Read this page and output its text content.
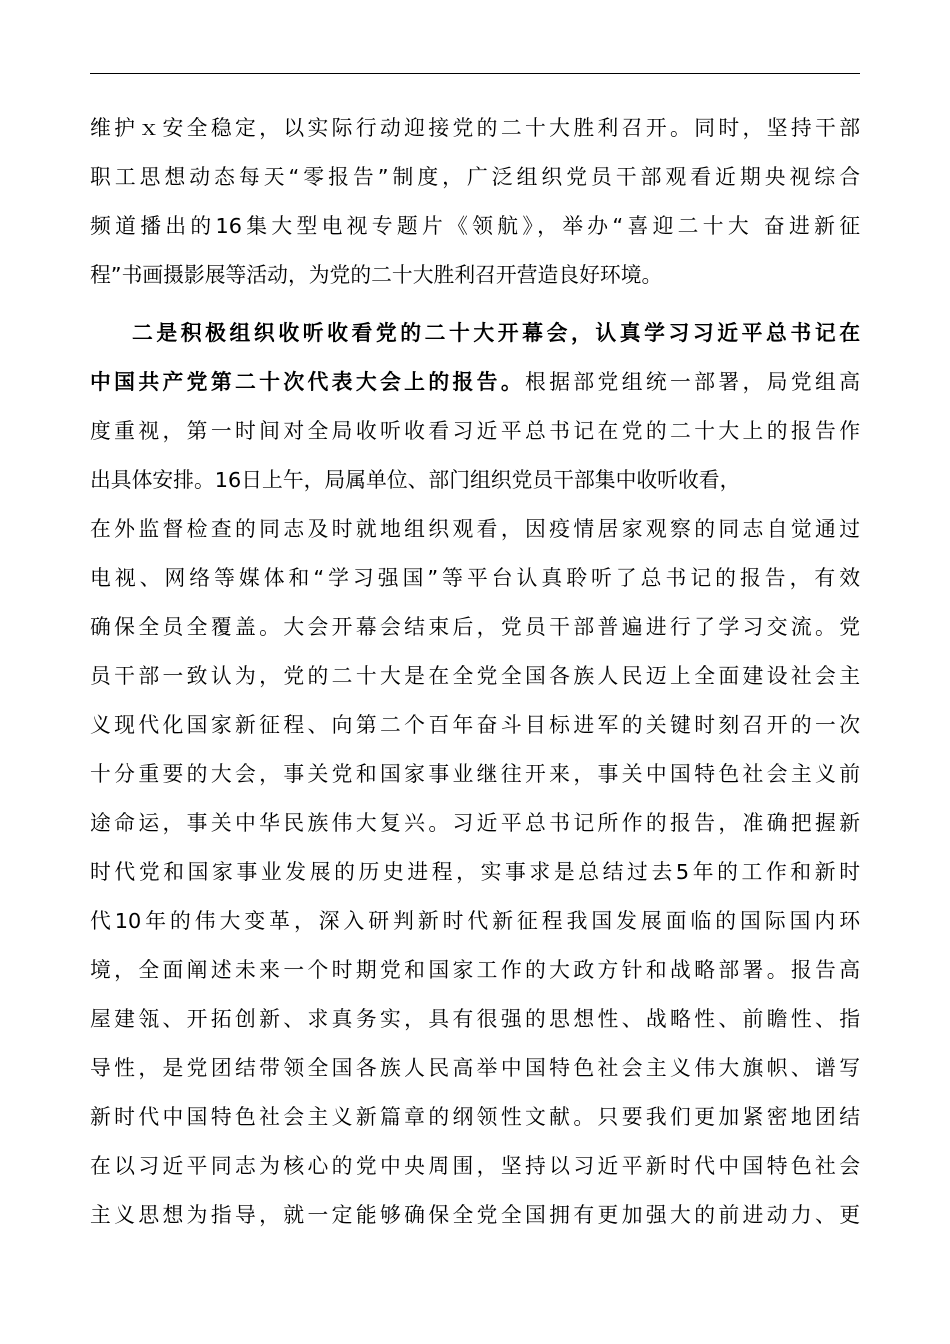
维护ｘ安全稳定，以实际行动迎接党的二十大胜利召开。同时，坚持干部
职工思想动态每天“零报告”制度，广泛组织党员干部观看近期央视综合
频道播出的16集大型电视专题片《领航》，举办“喜迎二十大 奋进新征
程”书画摄影展等活动，为党的二十大胜利召开营造良好环境。
二是积极组织收听收看党的二十大开幕会，认真学习习近平总书记在
中国共产党第二十次代表大会上的报告。根据部党组统一部署，局党组高
度重视，第一时间对全局收听收看习近平总书记在党的二十大上的报告作
出具体安排。16日上午，局属单位、部门组织党员干部集中收听收看，
在外监督检查的同志及时就地组织观看，因疫情居家观察的同志自觉通过
电视、网络等媒体和“学习强国”等平台认真聆听了总书记的报告，有效
确保全员全覆盖。大会开幕会结束后，党员干部普遍进行了学习交流。党
员干部一致认为，党的二十大是在全党全国各族人民迈上全面建设社会主
义现代化国家新征程、向第二个百年奋斗目标进军的关键时刻召开的一次
十分重要的大会，事关党和国家事业继往开来，事关中国特色社会主义前
途命运，事关中华民族伟大复兴。习近平总书记所作的报告，准确把握新
时代党和国家事业发展的历史进程，实事求是总结过去5年的工作和新时
代10年的伟大变革，深入研判新时代新征程我国发展面临的国际国内环
境，全面阐述未来一个时期党和国家工作的大政方针和战略部署。报告高
屋建瓴、开拓创新、求真务实，具有很强的思想性、战略性、前瞻性、指
导性，是党团结带领全国各族人民高举中国特色社会主义伟大旗帜、谱写
新时代中国特色社会主义新篇章的纲领性文献。只要我们更加紧密地团结
在以习近平同志为核心的党中央周围，坚持以习近平新时代中国特色社会
主义思想为指导，就一定能够确保全党全国拥有更加强大的前进动力、更
